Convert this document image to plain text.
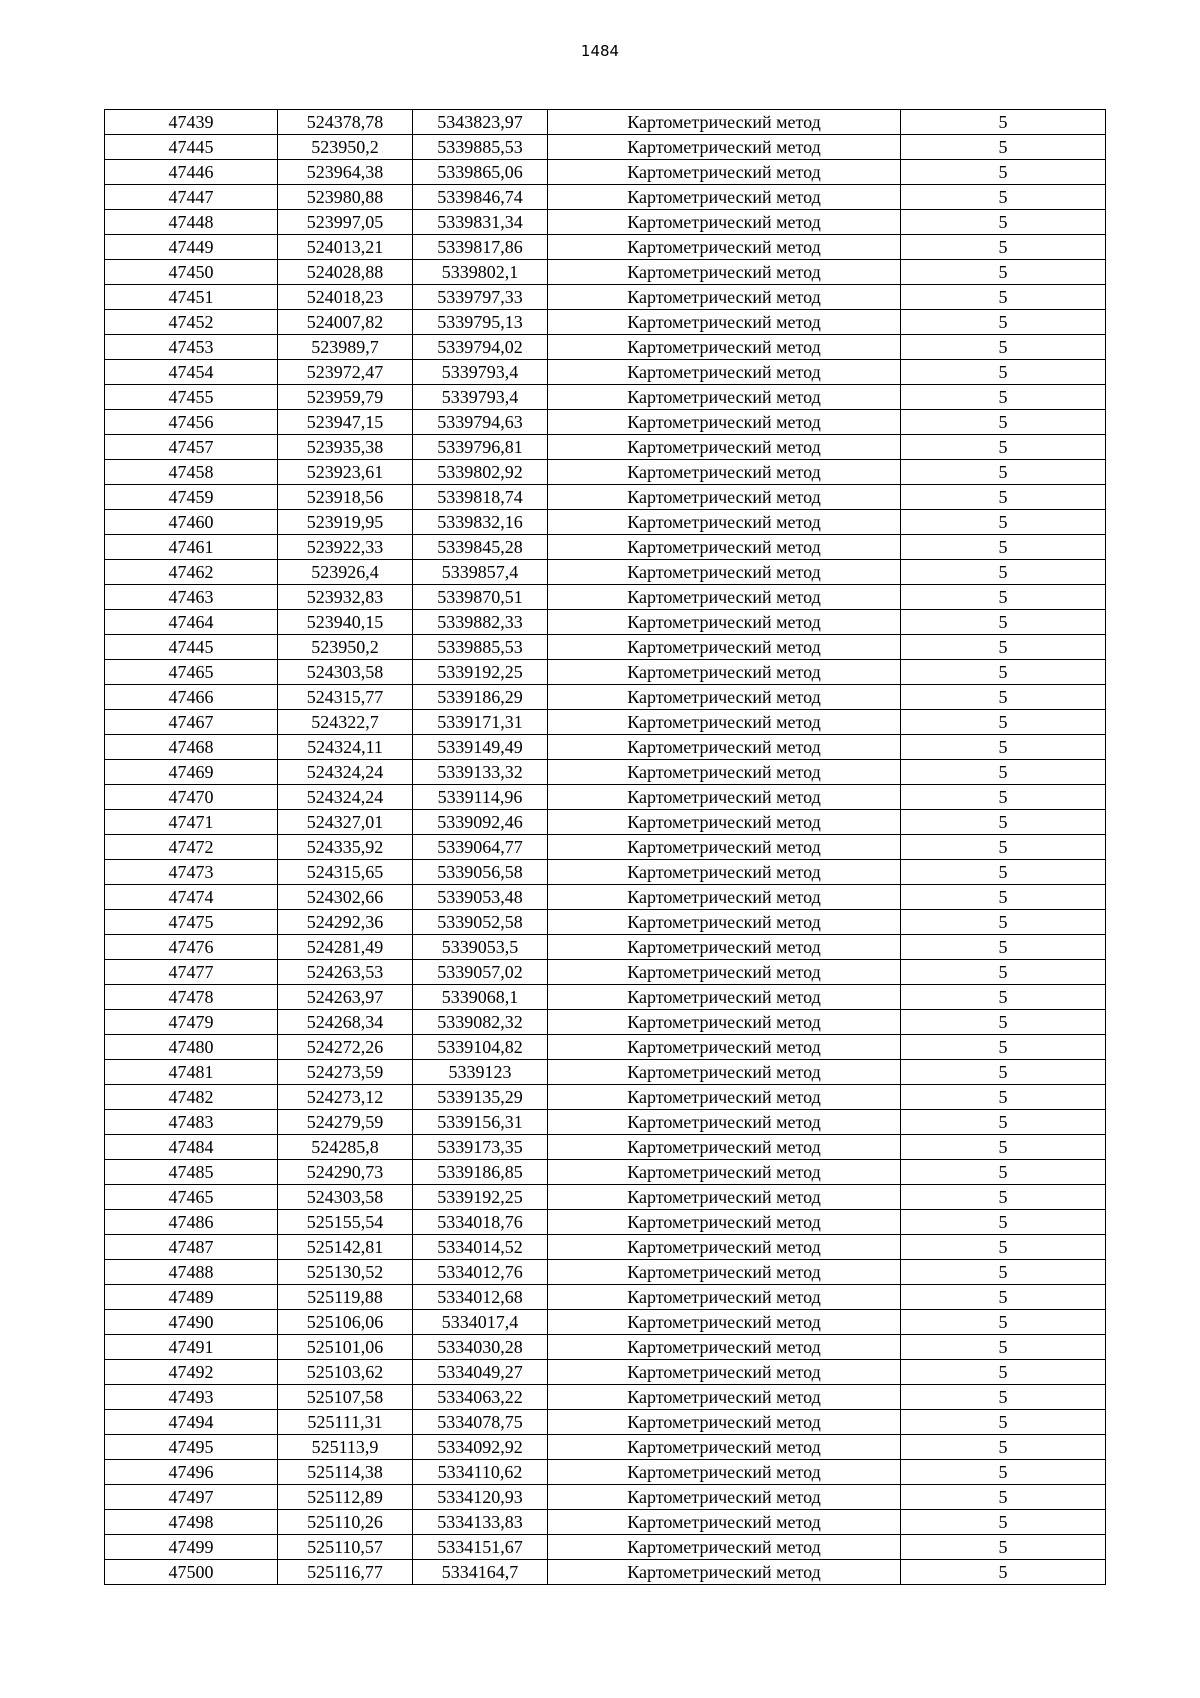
1484
47439	524378,78	5343823,97	Картометрический метод	5
47445	523950,2	5339885,53	Картометрический метод	5
47446	523964,38	5339865,06	Картометрический метод	5
47447	523980,88	5339846,74	Картометрический метод	5
47448	523997,05	5339831,34	Картометрический метод	5
47449	524013,21	5339817,86	Картометрический метод	5
47450	524028,88	5339802,1	Картометрический метод	5
47451	524018,23	5339797,33	Картометрический метод	5
47452	524007,82	5339795,13	Картометрический метод	5
47453	523989,7	5339794,02	Картометрический метод	5
47454	523972,47	5339793,4	Картометрический метод	5
47455	523959,79	5339793,4	Картометрический метод	5
47456	523947,15	5339794,63	Картометрический метод	5
47457	523935,38	5339796,81	Картометрический метод	5
47458	523923,61	5339802,92	Картометрический метод	5
47459	523918,56	5339818,74	Картометрический метод	5
47460	523919,95	5339832,16	Картометрический метод	5
47461	523922,33	5339845,28	Картометрический метод	5
47462	523926,4	5339857,4	Картометрический метод	5
47463	523932,83	5339870,51	Картометрический метод	5
47464	523940,15	5339882,33	Картометрический метод	5
47445	523950,2	5339885,53	Картометрический метод	5
47465	524303,58	5339192,25	Картометрический метод	5
47466	524315,77	5339186,29	Картометрический метод	5
47467	524322,7	5339171,31	Картометрический метод	5
47468	524324,11	5339149,49	Картометрический метод	5
47469	524324,24	5339133,32	Картометрический метод	5
47470	524324,24	5339114,96	Картометрический метод	5
47471	524327,01	5339092,46	Картометрический метод	5
47472	524335,92	5339064,77	Картометрический метод	5
47473	524315,65	5339056,58	Картометрический метод	5
47474	524302,66	5339053,48	Картометрический метод	5
47475	524292,36	5339052,58	Картометрический метод	5
47476	524281,49	5339053,5	Картометрический метод	5
47477	524263,53	5339057,02	Картометрический метод	5
47478	524263,97	5339068,1	Картометрический метод	5
47479	524268,34	5339082,32	Картометрический метод	5
47480	524272,26	5339104,82	Картометрический метод	5
47481	524273,59	5339123	Картометрический метод	5
47482	524273,12	5339135,29	Картометрический метод	5
47483	524279,59	5339156,31	Картометрический метод	5
47484	524285,8	5339173,35	Картометрический метод	5
47485	524290,73	5339186,85	Картометрический метод	5
47465	524303,58	5339192,25	Картометрический метод	5
47486	525155,54	5334018,76	Картометрический метод	5
47487	525142,81	5334014,52	Картометрический метод	5
47488	525130,52	5334012,76	Картометрический метод	5
47489	525119,88	5334012,68	Картометрический метод	5
47490	525106,06	5334017,4	Картометрический метод	5
47491	525101,06	5334030,28	Картометрический метод	5
47492	525103,62	5334049,27	Картометрический метод	5
47493	525107,58	5334063,22	Картометрический метод	5
47494	525111,31	5334078,75	Картометрический метод	5
47495	525113,9	5334092,92	Картометрический метод	5
47496	525114,38	5334110,62	Картометрический метод	5
47497	525112,89	5334120,93	Картометрический метод	5
47498	525110,26	5334133,83	Картометрический метод	5
47499	525110,57	5334151,67	Картометрический метод	5
47500	525116,77	5334164,7	Картометрический метод	5
